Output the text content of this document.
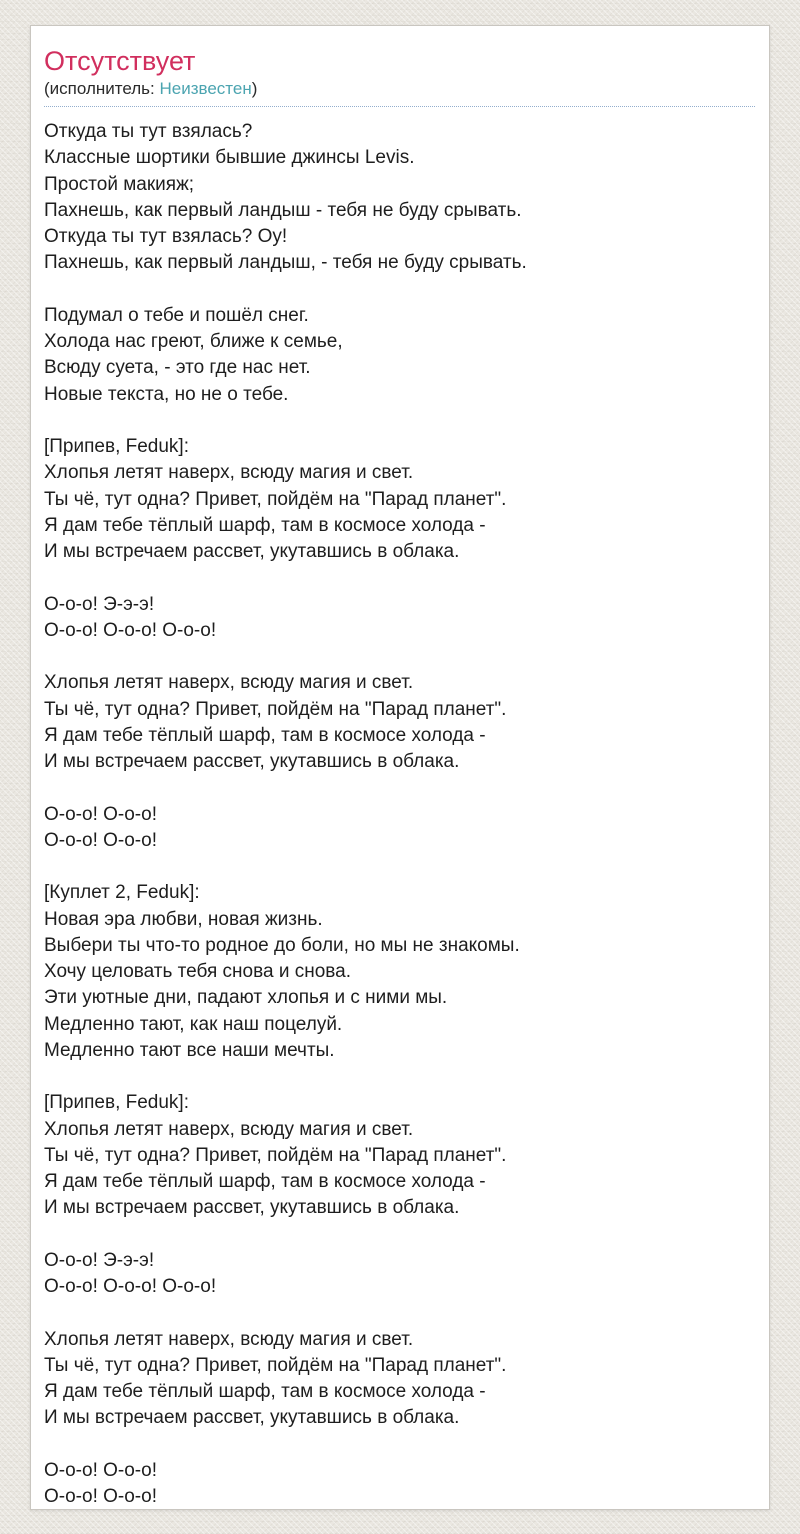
Отсутствует
(исполнитель: Неизвестен)

Откуда ты тут взялась?
Классные шортики бывшие джинсы Levis.
Простой макияж;
Пахнешь, как первый ландыш - тебя не буду срывать.
Откуда ты тут взялась? Оу!
Пахнешь, как первый ландыш, - тебя не буду срывать.

Подумал о тебе и пошёл снег.
Холода нас греют, ближе к семье,
Всюду суета, - это где нас нет.
Новые текста, но не о тебе.

[Припев, Feduk]:
Хлопья летят наверх, всюду магия и свет.
Ты чё, тут одна? Привет, пойдём на "Парад планет".
Я дам тебе тёплый шарф, там в космосе холода -
И мы встречаем рассвет, укутавшись в облака.

О-о-о! Э-э-э!
О-о-о! О-о-о! О-о-о!

Хлопья летят наверх, всюду магия и свет.
Ты чё, тут одна? Привет, пойдём на "Парад планет".
Я дам тебе тёплый шарф, там в космосе холода -
И мы встречаем рассвет, укутавшись в облака.

О-о-о! О-о-о!
О-о-о! О-о-о!

[Куплет 2, Feduk]:
Новая эра любви, новая жизнь.
Выбери ты что-то родное до боли, но мы не знакомы.
Хочу целовать тебя снова и снова.
Эти уютные дни, падают хлопья и с ними мы.
Медленно тают, как наш поцелуй.
Медленно тают все наши мечты.

[Припев, Feduk]:
Хлопья летят наверх, всюду магия и свет.
Ты чё, тут одна? Привет, пойдём на "Парад планет".
Я дам тебе тёплый шарф, там в космосе холода -
И мы встречаем рассвет, укутавшись в облака.

О-о-о! Э-э-э!
О-о-о! О-о-о! О-о-о!

Хлопья летят наверх, всюду магия и свет.
Ты чё, тут одна? Привет, пойдём на "Парад планет".
Я дам тебе тёплый шарф, там в космосе холода -
И мы встречаем рассвет, укутавшись в облака.

О-о-о! О-о-о!
О-о-о! О-о-о!
